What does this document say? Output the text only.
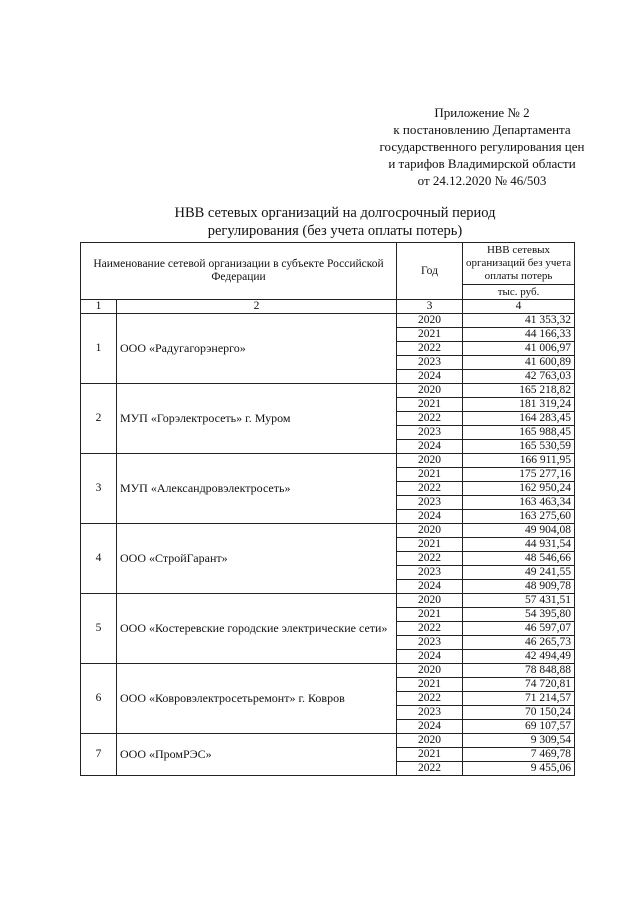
Приложение № 2
к постановлению Департамента
государственного регулирования цен
и тарифов Владимирской области
от 24.12.2020 № 46/503
НВВ сетевых организаций на долгосрочный период
регулирования (без учета оплаты потерь)
Наименование сетевой организации в субъекте Российской Федерации		Год	НВВ сетевых организаций без учета оплаты потерь
			тыс. руб.
1	2	3	4
1	ООО «Радугагорэнерго»	2020	41 353,32
		2021	44 166,33
		2022	41 006,97
		2023	41 600,89
		2024	42 763,03
2	МУП «Горэлектросеть» г. Муром	2020	165 218,82
		2021	181 319,24
		2022	164 283,45
		2023	165 988,45
		2024	165 530,59
3	МУП «Александровэлектросеть»	2020	166 911,95
		2021	175 277,16
		2022	162 950,24
		2023	163 463,34
		2024	163 275,60
4	ООО «СтройГарант»	2020	49 904,08
		2021	44 931,54
		2022	48 546,66
		2023	49 241,55
		2024	48 909,78
5	ООО «Костеревские городские электрические сети»	2020	57 431,51
		2021	54 395,80
		2022	46 597,07
		2023	46 265,73
		2024	42 494,49
6	ООО «Ковровэлектросетьремонт» г. Ковров	2020	78 848,88
		2021	74 720,81
		2022	71 214,57
		2023	70 150,24
		2024	69 107,57
7	ООО «ПромРЭС»	2020	9 309,54
		2021	7 469,78
		2022	9 455,06
